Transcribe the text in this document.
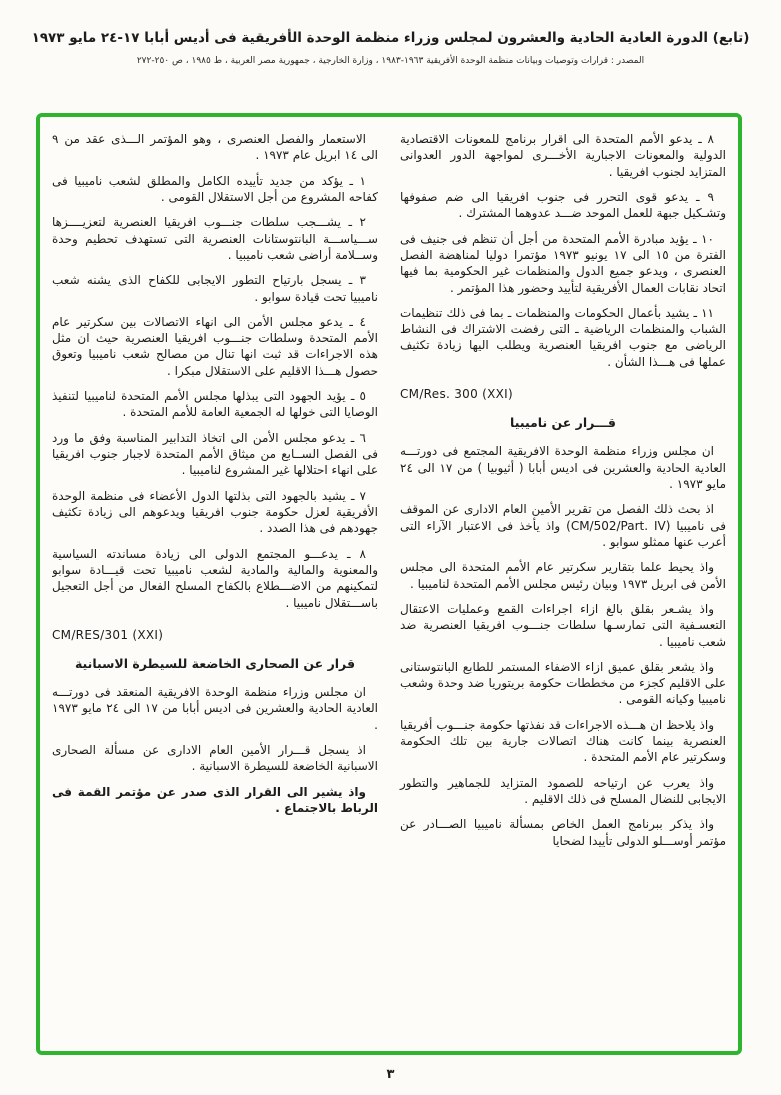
(تابع) الدورة العادية الحادية والعشرون لمجلس وزراء منظمة الوحدة الأفريقية فى أديس أبابا ١٧-٢٤ مايو ١٩٧٣
المصدر : قرارات وتوصيات وبيانات منظمة الوحدة الأفريقية ١٩٦٣-١٩٨٣ ، وزارة الخارجية ، جمهورية مصر العربية ، ط ١٩٨٥ ، ص ٢٥٠-٢٧٢
٨ ـ يدعو الأمم المتحدة الى اقرار برنامج للمعونات الاقتصادية الدولية والمعونات الاجبارية الأخـــرى لمواجهة الدور العدوانى المتزايد لجنوب افريقيا .
٩ ـ يدعو قوى التحرر فى جنوب افريقيا الى ضم صفوفها وتشـكيل جبهة للعمل الموحد ضـــد عدوهما المشترك .
١٠ ـ يؤيد مبادرة الأمم المتحدة من أجل أن تنظم فى جنيف فى الفترة من ١٥ الى ١٧ يونيو ١٩٧٣ مؤتمرا دوليا لمناهضة الفصل العنصرى ، ويدعو جميع الدول والمنظمات غير الحكومية بما فيها اتحاد نقابات العمال الأفريقية لتأييد وحضور هذا المؤتمر .
١١ ـ يشيد بأعمال الحكومات والمنظمات ـ بما فى ذلك تنظيمات الشباب والمنظمات الرياضية ـ التى رفضت الاشتراك فى النشاط الرياضى مع جنوب افريقيا العنصرية ويطلب اليها زيادة تكثيف عملها فى هـــذا الشأن .
CM/Res. 300 (XXI)
قـــرار عن ناميبيا
ان مجلس وزراء منظمة الوحدة الافريقية المجتمع فى دورتـــه العادية الحادية والعشرين فى اديس أبابا ( أثيوبيا ) من ١٧ الى ٢٤ مايو ١٩٧٣ .
اذ بحث ذلك الفصل من تقرير الأمين العام الادارى عن الموقف فى ناميبيا (CM/502/Part. IV) واذ يأخذ فى الاعتبار الآراء التى أعرب عنها ممثلو سوابو .
واذ يحيط علما بتقارير سكرتير عام الأمم المتحدة الى مجلس الأمن فى ابريل ١٩٧٣ وبيان رئيس مجلس الأمم المتحدة لناميبيا .
واذ يشـعر بقلق بالغ ازاء اجراءات القمع وعمليات الاعتقال التعسـفية التى تمارسـها سلطات جنـــوب افريقيا العنصرية ضد شعب ناميبيا .
واذ يشعر بقلق عميق ازاء الاضفاء المستمر للطابع البانتوستانى على الاقليم كجزء من مخططات حكومة بريتوريا ضد وحدة وشعب ناميبيا وكيانه القومى .
واذ يلاحظ ان هـــذه الاجراءات قد نفذتها حكومة جنـــوب أفريقيا العنصرية بينما كانت هناك اتصالات جارية بين تلك الحكومة وسكرتير عام الأمم المتحدة .
واذ يعرب عن ارتياحه للصمود المتزايد للجماهير والتطور الايجابى للنضال المسلح فى ذلك الاقليم .
واذ يذكر ببرنامج العمل الخاص بمسألة ناميبيا الصـــادر عن مؤتمر أوســـلو الدولى تأييدا لضحايا
الاستعمار والفصل العنصرى ، وهو المؤتمر الـــذى عقد من ٩ الى ١٤ ابريل عام ١٩٧٣ .
١ ـ يؤكد من جديد تأييده الكامل والمطلق لشعب ناميبيا فى كفاحه المشروع من أجل الاستقلال القومى .
٢ ـ يشـــجب سلطات جنـــوب افريقيا العنصرية لتعزيــــزها ســـياســـة البانتوستانات العنصرية التى تستهدف تحطيم وحدة وســلامة أراضى شعب ناميبيا .
٣ ـ يسجل بارتياح التطور الايجابى للكفاح الذى يشنه شعب ناميبيا تحت قيادة سوابو .
٤ ـ يدعو مجلس الأمن الى انهاء الاتصالات بين سكرتير عام الأمم المتحدة وسلطات جنـــوب افريقيا العنصرية حيث ان مثل هذه الاجراءات قد ثبت انها تنال من مصالح شعب ناميبيا وتعوق حصول هـــذا الاقليم على الاستقلال مبكرا .
٥ ـ يؤيد الجهود التى يبذلها مجلس الأمم المتحدة لناميبيا لتنفيذ الوصايا التى خولها له الجمعية العامة للأمم المتحدة .
٦ ـ يدعو مجلس الأمن الى اتخاذ التدابير المناسبة وفق ما ورد فى الفصل الســابع من ميثاق الأمم المتحدة لاجبار جنوب افريقيا على انهاء احتلالها غير المشروع لناميبيا .
٧ ـ يشيد بالجهود التى بذلتها الدول الأعضاء فى منظمة الوحدة الأفريقية لعزل حكومة جنوب افريقيا ويدعوهم الى زيادة تكثيف جهودهم فى هذا الصدد .
٨ ـ يدعـــو المجتمع الدولى الى زيادة مساندته السياسية والمعنوية والمالية والمادية لشعب ناميبيا تحت قيـــادة سوابو لتمكينهم من الاضـــطلاع بالكفاح المسلح الفعال من أجل التعجيل باســـتقلال ناميبيا .
CM/RES/301 (XXI)
قرار عن الصحارى الخاضعة للسيطرة الاسبانية
ان مجلس وزراء منظمة الوحدة الافريقية المنعقد فى دورتـــه العادية الحادية والعشرين فى اديس أبابا من ١٧ الى ٢٤ مايو ١٩٧٣ .
اذ يسجل قـــرار الأمين العام الادارى عن مسألة الصحارى الاسبانية الخاضعة للسيطرة الاسبانية .
واذ يشير الى القرار الذى صدر عن مؤتمر القمة فى الرباط بالاجتماع .
٣
